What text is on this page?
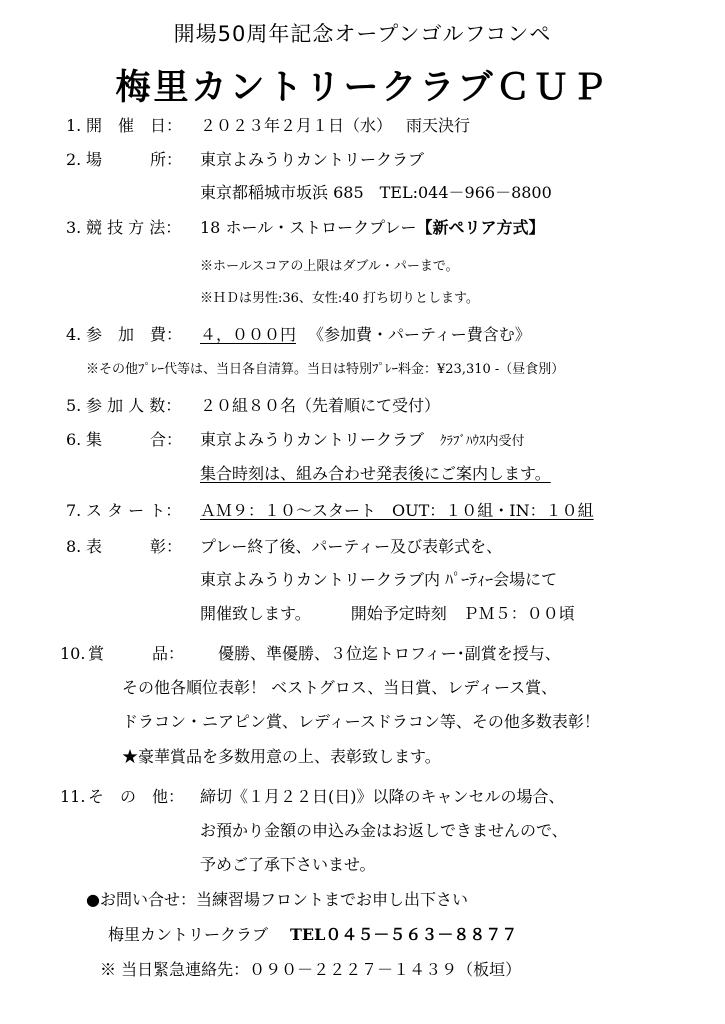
開場50周年記念オープンゴルフコンペ
梅里カントリークラブＣＵＰ
1. 開　催　日：	２０２３年２月１日（水） 雨天決行
2. 場　　　所：	東京よみうりカントリークラブ
東京都稲城市坂浜 685　TEL:044－966－8800
3. 競 技 方 法：	18 ホール・ストロークプレー【新ペリア方式】
※ホールスコアの上限はダブル・パーまで。
※ＨＤは男性:36、女性:40 打ち切りとします。
4. 参　加　費：	４，０００円 《参加費・パーティー費含む》
※その他ﾌﾟﾚｰ代等は、当日各自清算。当日は特別ﾌﾟﾚｰ料金：¥23,310 -（昼食別）
5. 参 加 人 数：	２０組８０名（先着順にて受付）
6. 集　　　合：	東京よみうりカントリークラブ ｸﾗﾌﾞﾊｳｽ内受付
集合時刻は、組み合わせ発表後にご案内します。
7. ス タ ー ト：	ＡＭ９：１０～スタート　OUT：１０組・IN：１０組
8. 表　　　彰：	プレー終了後、パーティー及び表彰式を、
東京よみうりカントリークラブ内 ﾊﾟｰﾃｨｰ会場にて
開催致します。	開始予定時刻　ＰＭ５：００頃
10. 賞　　　品：	優勝、準優勝、３位迄トロフィー･副賞を授与、
その他各順位表彰！ ベストグロス、当日賞、レディース賞、
ドラコン・ニアピン賞、レディースドラコン等、その他多数表彰！
★豪華賞品を多数用意の上、表彰致します。
11. そ　の　他： 締切《１月２２日(日)》以降のキャンセルの場合、
お預かり金額の申込み金はお返しできませんので、
予めご了承下さいませ。
●お問い合せ：当練習場フロントまでお申し出下さい
梅里カントリークラブ TEL０４５－５６３－８８７７
※ 当日緊急連絡先：０９０－２２２７－１４３９（板垣）
